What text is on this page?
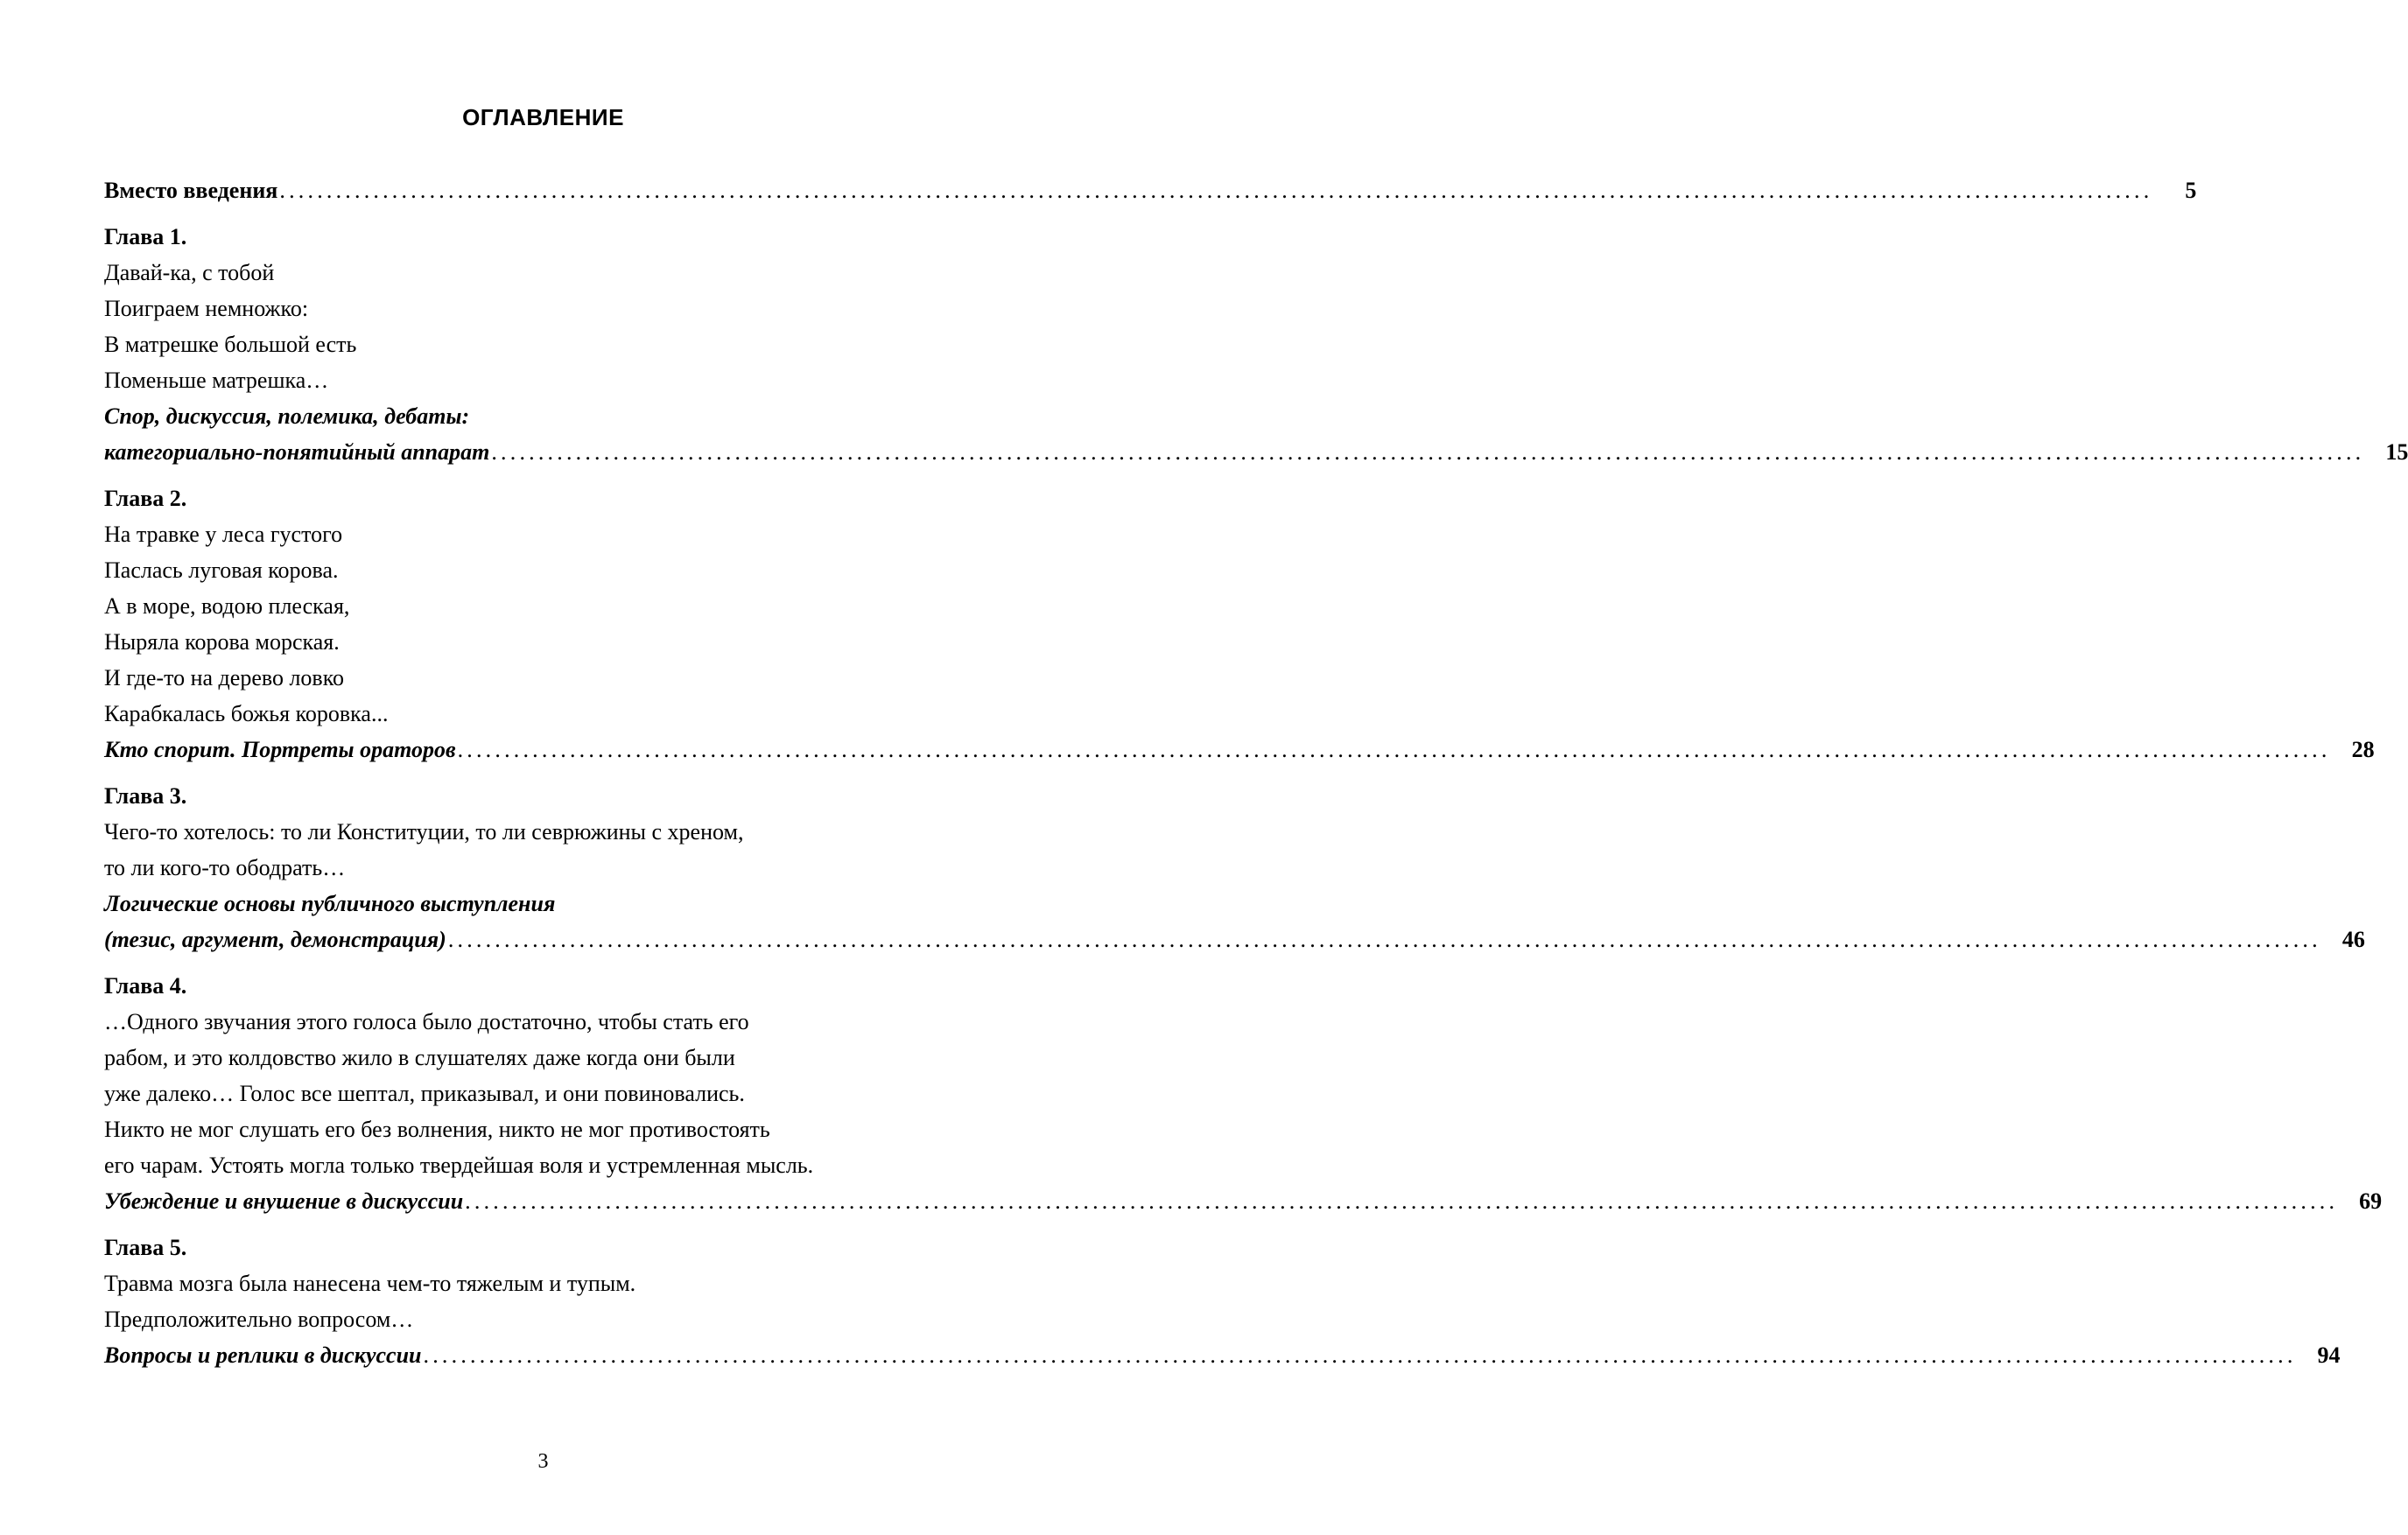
ОГЛАВЛЕНИЕ
Вместо введения ........................................................................................................................................................................................................	5
Глава 1.
Давай-ка, с тобой
Поиграем немножко:
В матрешке большой есть
Поменьше матрешка…
Спор, дискуссия, полемика, дебаты:
категориально-понятийный аппарат ........................................................................................................................................................................................................ 15
Глава 2.
На травке у леса густого
Паслась луговая корова.
А в море, водою плеская,
Ныряла корова морская.
И где-то на дерево ловко
Карабкалась божья коровка...
Кто спорит. Портреты ораторов ........................................................................................................................................................................................................ 28
Глава 3.
Чего-то хотелось: то ли Конституции, то ли севрюжины с хреном,
то ли кого-то ободрать…
Логические основы публичного выступления
(тезис, аргумент, демонстрация) ........................................................................................................................................................................................................ 46
Глава 4.
…Одного звучания этого голоса было достаточно, чтобы стать его
рабом, и это колдовство жило в слушателях даже когда они были
уже далеко… Голос все шептал, приказывал, и они повиновались.
Никто не мог слушать его без волнения, никто не мог противостоять
его чарам. Устоять могла только твердейшая воля и устремленная мысль.
Убеждение и внушение в дискуссии ........................................................................................................................................................................................................ 69
Глава 5.
Травма мозга была нанесена чем-то тяжелым и тупым.
Предположительно вопросом…
Вопросы и реплики в дискуссии ........................................................................................................................................................................................................ 94
3
